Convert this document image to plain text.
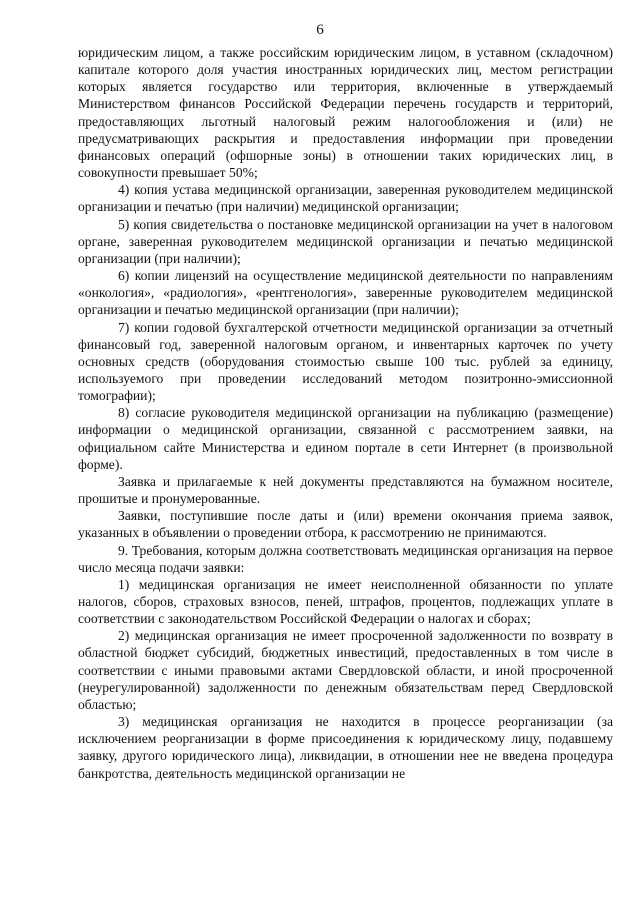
6

юридическим лицом, а также российским юридическим лицом, в уставном (складочном) капитале которого доля участия иностранных юридических лиц, местом регистрации которых является государство или территория, включенные в утверждаемый Министерством финансов Российской Федерации перечень государств и территорий, предоставляющих льготный налоговый режим налогообложения и (или) не предусматривающих раскрытия и предоставления информации при проведении финансовых операций (офшорные зоны) в отношении таких юридических лиц, в совокупности превышает 50%;

4) копия устава медицинской организации, заверенная руководителем медицинской организации и печатью (при наличии) медицинской организации;

5) копия свидетельства о постановке медицинской организации на учет в налоговом органе, заверенная руководителем медицинской организации и печатью медицинской организации (при наличии);

6) копии лицензий на осуществление медицинской деятельности по направлениям «онкология», «радиология», «рентгенология», заверенные руководителем медицинской организации и печатью медицинской организации (при наличии);

7) копии годовой бухгалтерской отчетности медицинской организации за отчетный финансовый год, заверенной налоговым органом, и инвентарных карточек по учету основных средств (оборудования стоимостью свыше 100 тыс. рублей за единицу, используемого при проведении исследований методом позитронно-эмиссионной томографии);

8) согласие руководителя медицинской организации на публикацию (размещение) информации о медицинской организации, связанной с рассмотрением заявки, на официальном сайте Министерства и едином портале в сети Интернет (в произвольной форме).

Заявка и прилагаемые к ней документы представляются на бумажном носителе, прошитые и пронумерованные.

Заявки, поступившие после даты и (или) времени окончания приема заявок, указанных в объявлении о проведении отбора, к рассмотрению не принимаются.

9. Требования, которым должна соответствовать медицинская организация на первое число месяца подачи заявки:

1) медицинская организация не имеет неисполненной обязанности по уплате налогов, сборов, страховых взносов, пеней, штрафов, процентов, подлежащих уплате в соответствии с законодательством Российской Федерации о налогах и сборах;

2) медицинская организация не имеет просроченной задолженности по возврату в областной бюджет субсидий, бюджетных инвестиций, предоставленных в том числе в соответствии с иными правовыми актами Свердловской области, и иной просроченной (неурегулированной) задолженности по денежным обязательствам перед Свердловской областью;

3) медицинская организация не находится в процессе реорганизации (за исключением реорганизации в форме присоединения к юридическому лицу, подавшему заявку, другого юридического лица), ликвидации, в отношении нее не введена процедура банкротства, деятельность медицинской организации не
